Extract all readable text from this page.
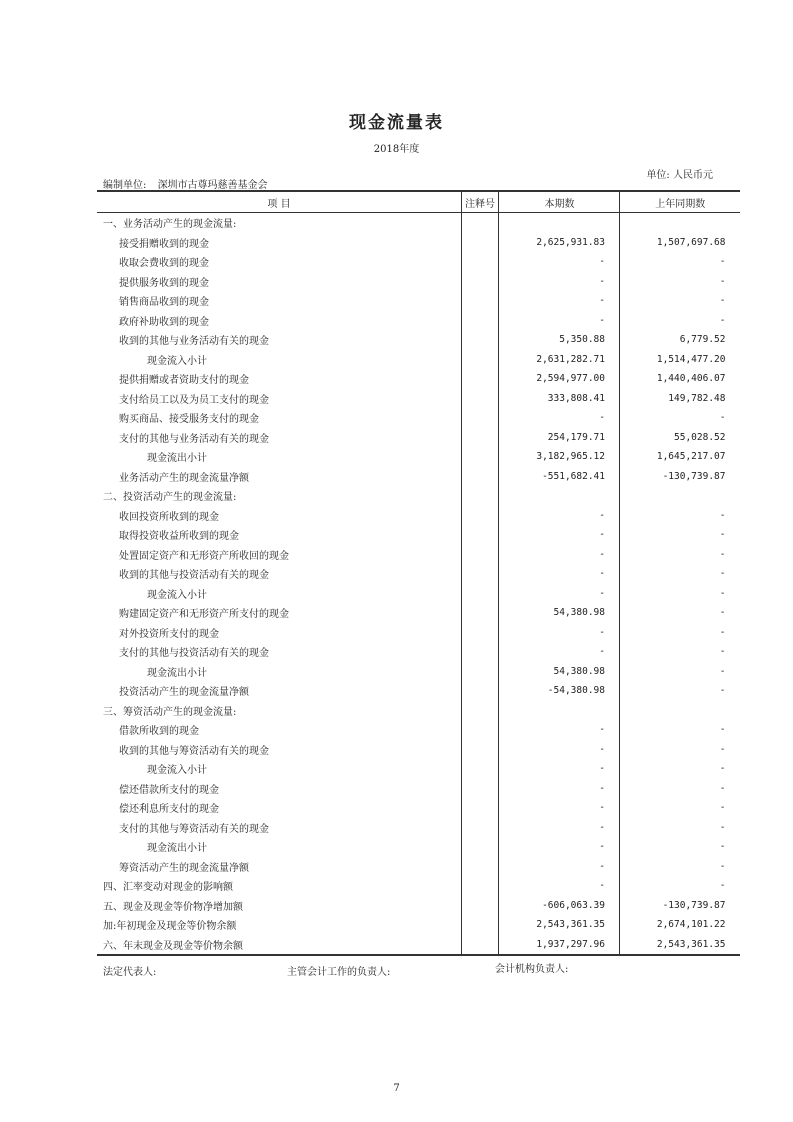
现金流量表
2018年度
编制单位: 深圳市古尊玛慈善基金会
单位: 人民币元
项 目	注释号	本期数	上年同期数
一、业务活动产生的现金流量:			
接受捐赠收到的现金		2,625,931.83	1,507,697.68
收取会费收到的现金		-	-
提供服务收到的现金		-	-
销售商品收到的现金		-	-
政府补助收到的现金		-	-
收到的其他与业务活动有关的现金		5,350.88	6,779.52
现金流入小计		2,631,282.71	1,514,477.20
提供捐赠或者资助支付的现金		2,594,977.00	1,440,406.07
支付给员工以及为员工支付的现金		333,808.41	149,782.48
购买商品、接受服务支付的现金		-	-
支付的其他与业务活动有关的现金		254,179.71	55,028.52
现金流出小计		3,182,965.12	1,645,217.07
业务活动产生的现金流量净额		-551,682.41	-130,739.87
二、投资活动产生的现金流量:			
收回投资所收到的现金		-	-
取得投资收益所收到的现金		-	-
处置固定资产和无形资产所收回的现金		-	-
收到的其他与投资活动有关的现金		-	-
现金流入小计		-	-
购建固定资产和无形资产所支付的现金		54,380.98	-
对外投资所支付的现金		-	-
支付的其他与投资活动有关的现金		-	-
现金流出小计		54,380.98	-
投资活动产生的现金流量净额		-54,380.98	-
三、筹资活动产生的现金流量:			
借款所收到的现金		-	-
收到的其他与筹资活动有关的现金		-	-
现金流入小计		-	-
偿还借款所支付的现金		-	-
偿还利息所支付的现金		-	-
支付的其他与筹资活动有关的现金		-	-
现金流出小计		-	-
筹资活动产生的现金流量净额		-	-
四、汇率变动对现金的影响额		-	-
五、现金及现金等价物净增加额		-606,063.39	-130,739.87
加:年初现金及现金等价物余额		2,543,361.35	2,674,101.22
六、年末现金及现金等价物余额		1,937,297.96	2,543,361.35
法定代表人:	主管会计工作的负责人:	会计机构负责人:
7
